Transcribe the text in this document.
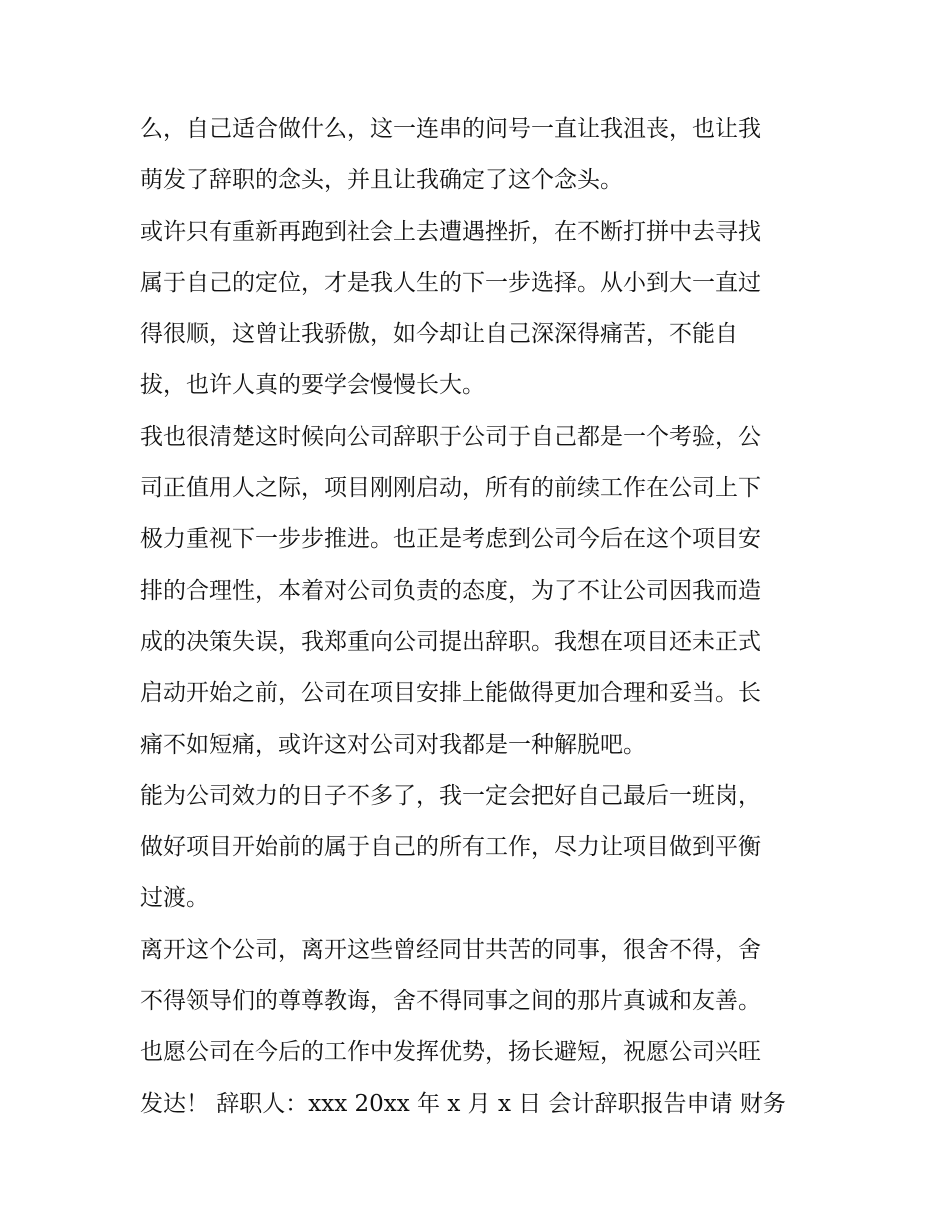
么，自己适合做什么，这一连串的问号一直让我沮丧，也让我
萌发了辞职的念头，并且让我确定了这个念头。
或许只有重新再跑到社会上去遭遇挫折，在不断打拼中去寻找
属于自己的定位，才是我人生的下一步选择。从小到大一直过
得很顺，这曾让我骄傲，如今却让自己深深得痛苦，不能自
拔，也许人真的要学会慢慢长大。
我也很清楚这时候向公司辞职于公司于自己都是一个考验，公
司正值用人之际，项目刚刚启动，所有的前续工作在公司上下
极力重视下一步步推进。也正是考虑到公司今后在这个项目安
排的合理性，本着对公司负责的态度，为了不让公司因我而造
成的决策失误，我郑重向公司提出辞职。我想在项目还未正式
启动开始之前，公司在项目安排上能做得更加合理和妥当。长
痛不如短痛，或许这对公司对我都是一种解脱吧。
能为公司效力的日子不多了，我一定会把好自己最后一班岗，
做好项目开始前的属于自己的所有工作，尽力让项目做到平衡
过渡。
离开这个公司，离开这些曾经同甘共苦的同事，很舍不得，舍
不得领导们的尊尊教诲，舍不得同事之间的那片真诚和友善。
也愿公司在今后的工作中发挥优势，扬长避短，祝愿公司兴旺
发达！ 辞职人：xxx 20xx 年 x 月 x 日 会计辞职报告申请 财务
